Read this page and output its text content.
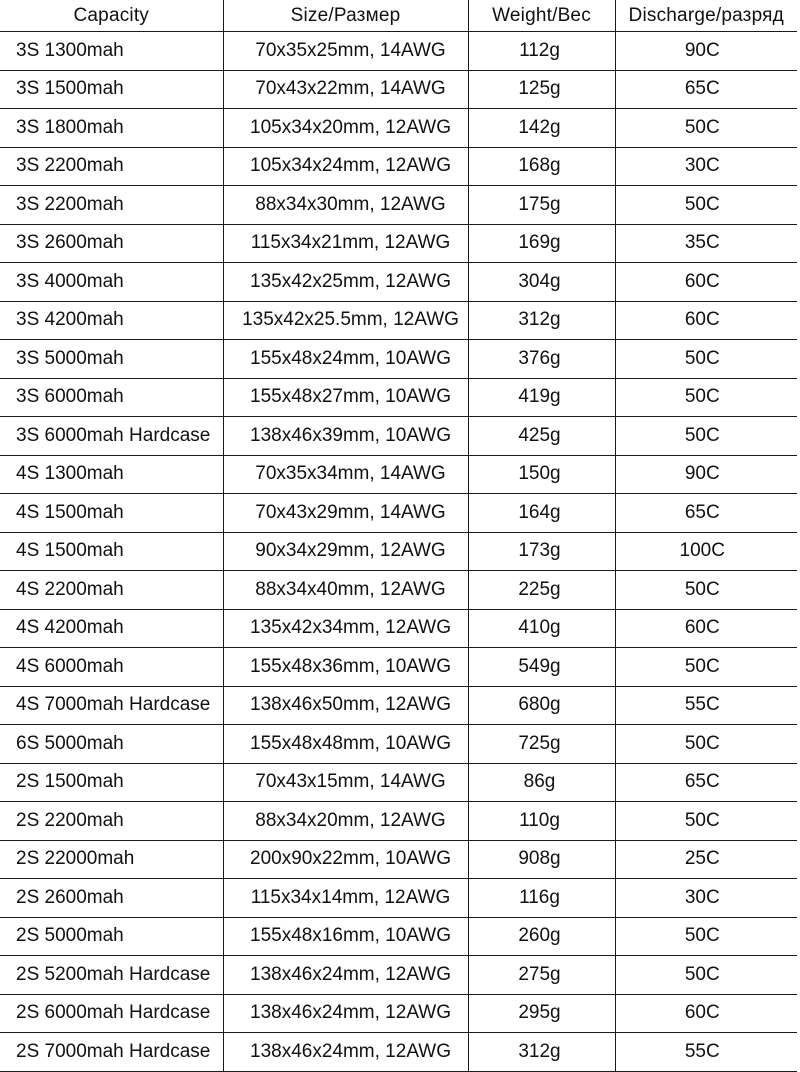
Capacity	Size/Размер	Weight/Вес	Discharge/разряд
3S 1300mah	70x35x25mm, 14AWG	112g	90C
3S 1500mah	70x43x22mm, 14AWG	125g	65C
3S 1800mah	105x34x20mm, 12AWG	142g	50C
3S 2200mah	105x34x24mm, 12AWG	168g	30C
3S 2200mah	88x34x30mm, 12AWG	175g	50C
3S 2600mah	115x34x21mm, 12AWG	169g	35C
3S 4000mah	135x42x25mm, 12AWG	304g	60C
3S 4200mah	135x42x25.5mm, 12AWG	312g	60C
3S 5000mah	155x48x24mm, 10AWG	376g	50C
3S 6000mah	155x48x27mm, 10AWG	419g	50C
3S 6000mah Hardcase	138x46x39mm, 10AWG	425g	50C
4S 1300mah	70x35x34mm, 14AWG	150g	90C
4S 1500mah	70x43x29mm, 14AWG	164g	65C
4S 1500mah	90x34x29mm, 12AWG	173g	100C
4S 2200mah	88x34x40mm, 12AWG	225g	50C
4S 4200mah	135x42x34mm, 12AWG	410g	60C
4S 6000mah	155x48x36mm, 10AWG	549g	50C
4S 7000mah Hardcase	138x46x50mm, 12AWG	680g	55C
6S 5000mah	155x48x48mm, 10AWG	725g	50C
2S 1500mah	70x43x15mm, 14AWG	86g	65C
2S 2200mah	88x34x20mm, 12AWG	110g	50C
2S 22000mah	200x90x22mm, 10AWG	908g	25C
2S 2600mah	115x34x14mm, 12AWG	116g	30C
2S 5000mah	155x48x16mm, 10AWG	260g	50C
2S 5200mah Hardcase	138x46x24mm, 12AWG	275g	50C
2S 6000mah Hardcase	138x46x24mm, 12AWG	295g	60C
2S 7000mah Hardcase	138x46x24mm, 12AWG	312g	55C
